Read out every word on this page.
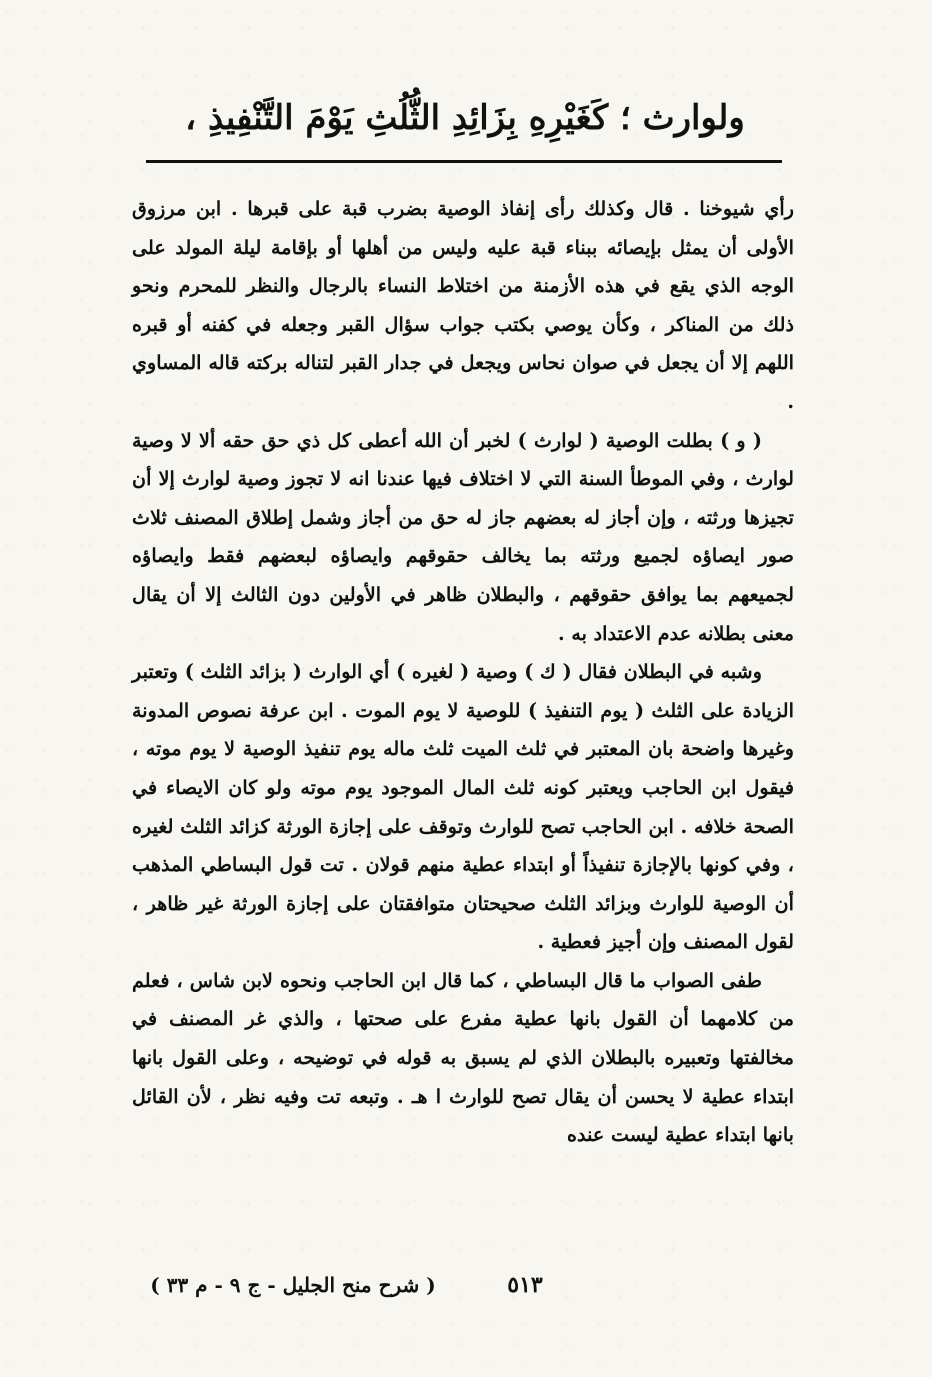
ولوارث ؛ كَغَيْرِهِ بِزَائِدِ الثُّلُثِ يَوْمَ التَّنْفِيذِ ،

رأي شيوخنا . قال وكذلك رأى إنفاذ الوصية بضرب قبة على قبرها . ابن مرزوق الأولى أن يمثل بإيصائه ببناء قبة عليه وليس من أهلها أو بإقامة ليلة المولد على الوجه الذي يقع في هذه الأزمنة من اختلاط النساء بالرجال والنظر للمحرم ونحو ذلك من المناكر ، وكأن يوصي بكتب جواب سؤال القبر وجعله في كفنه أو قبره اللهم إلا أن يجعل في صوان نحاس ويجعل في جدار القبر لتناله بركته قاله المساوي .

( و ) بطلت الوصية ( لوارث ) لخبر أن الله أعطى كل ذي حق حقه ألا لا وصية لوارث ، وفي الموطأ السنة التي لا اختلاف فيها عندنا انه لا تجوز وصية لوارث إلا أن تجيزها ورثته ، وإن أجاز له بعضهم جاز له حق من أجاز وشمل إطلاق المصنف ثلاث صور ايصاؤه لجميع ورثته بما يخالف حقوقهم وايصاؤه لبعضهم فقط وايصاؤه لجميعهم بما يوافق حقوقهم ، والبطلان ظاهر في الأولين دون الثالث إلا أن يقال معنى بطلانه عدم الاعتداد به .

وشبه في البطلان فقال ( ك ) وصية ( لغيره ) أي الوارث ( بزائد الثلث ) وتعتبر الزيادة على الثلث ( يوم التنفيذ ) للوصية لا يوم الموت . ابن عرفة نصوص المدونة وغيرها واضحة بان المعتبر في ثلث الميت ثلث ماله يوم تنفيذ الوصية لا يوم موته ، فيقول ابن الحاجب ويعتبر كونه ثلث المال الموجود يوم موته ولو كان الايصاء في الصحة خلافه . ابن الحاجب تصح للوارث وتوقف على إجازة الورثة كزائد الثلث لغيره ، وفي كونها بالإجازة تنفيذاً أو ابتداء عطية منهم قولان . تت قول البساطي المذهب أن الوصية للوارث وبزائد الثلث صحيحتان متوافقتان على إجازة الورثة غير ظاهر ، لقول المصنف وإن أجيز فعطية .

طفى الصواب ما قال البساطي ، كما قال ابن الحاجب ونحوه لابن شاس ، فعلم من كلامهما أن القول بانها عطية مفرع على صحتها ، والذي غر المصنف في مخالفتها وتعبيره بالبطلان الذي لم يسبق به قوله في توضيحه ، وعلى القول بانها ابتداء عطية لا يحسن أن يقال تصح للوارث ا هـ . وتبعه تت وفيه نظر ، لأن القائل بانها ابتداء عطية ليست عنده

( شرح منح الجليل - ج ٩ - م ٣٣ )	٥١٣
